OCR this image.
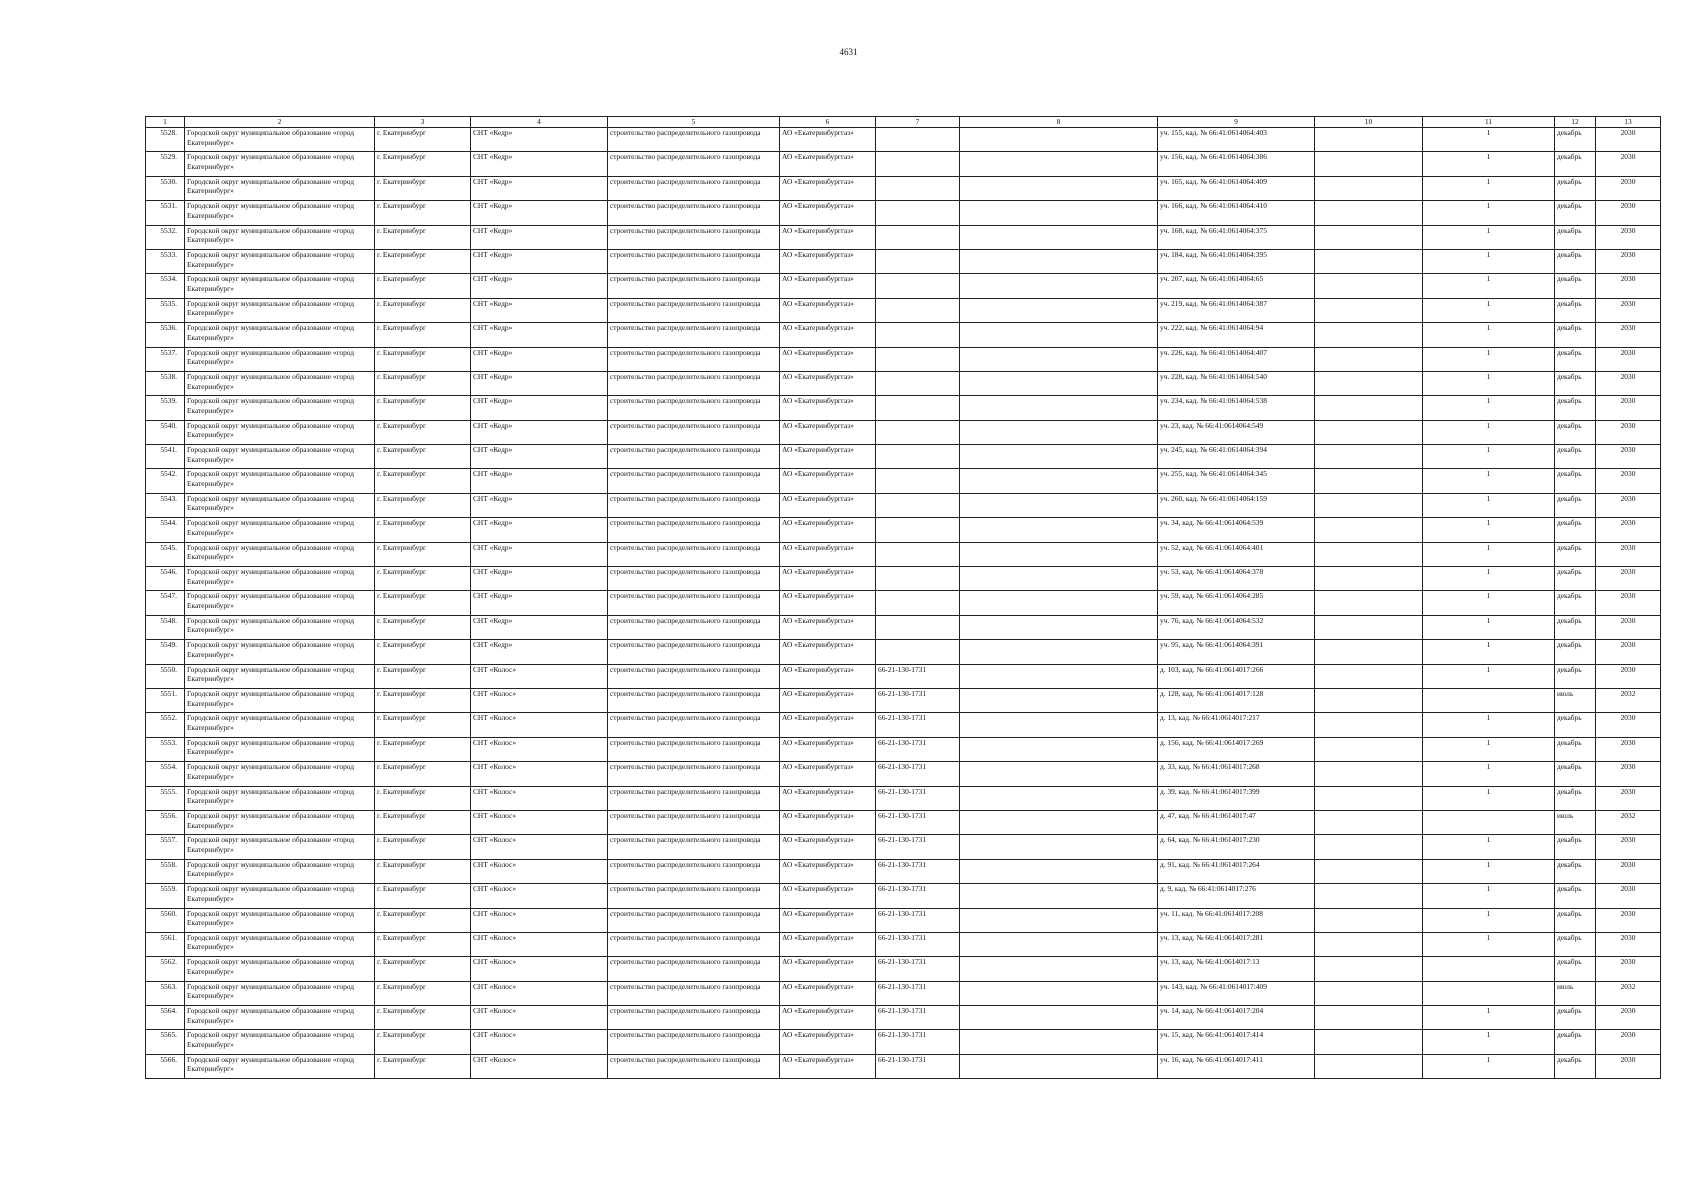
4631
1	2	3	4	5	6	7	8	9	10	11	12	13
5528.	Городской округ муниципальное образование «город Екатеринбург»	г. Екатеринбург	СНТ «Кедр»	строительство распределительного газопровода	АО «Екатеринбурггаз»			уч. 155, кад. № 66:41:0614064:403		1	декабрь	2030
5529.	Городской округ муниципальное образование «город Екатеринбург»	г. Екатеринбург	СНТ «Кедр»	строительство распределительного газопровода	АО «Екатеринбурггаз»			уч. 156, кад. № 66:41:0614064:386		1	декабрь	2030
5530.	Городской округ муниципальное образование «город Екатеринбург»	г. Екатеринбург	СНТ «Кедр»	строительство распределительного газопровода	АО «Екатеринбурггаз»			уч. 165, кад. № 66:41:0614064:409		1	декабрь	2030
5531.	Городской округ муниципальное образование «город Екатеринбург»	г. Екатеринбург	СНТ «Кедр»	строительство распределительного газопровода	АО «Екатеринбурггаз»			уч. 166, кад. № 66:41:0614064:410		1	декабрь	2030
5532.	Городской округ муниципальное образование «город Екатеринбург»	г. Екатеринбург	СНТ «Кедр»	строительство распределительного газопровода	АО «Екатеринбурггаз»			уч. 168, кад. № 66:41:0614064:375		1	декабрь	2030
5533.	Городской округ муниципальное образование «город Екатеринбург»	г. Екатеринбург	СНТ «Кедр»	строительство распределительного газопровода	АО «Екатеринбурггаз»			уч. 184, кад. № 66:41:0614064:395		1	декабрь	2030
5534.	Городской округ муниципальное образование «город Екатеринбург»	г. Екатеринбург	СНТ «Кедр»	строительство распределительного газопровода	АО «Екатеринбурггаз»			уч. 207, кад. № 66:41:0614064:65		1	декабрь	2030
5535.	Городской округ муниципальное образование «город Екатеринбург»	г. Екатеринбург	СНТ «Кедр»	строительство распределительного газопровода	АО «Екатеринбурггаз»			уч. 219, кад. № 66:41:0614064:387		1	декабрь	2030
5536.	Городской округ муниципальное образование «город Екатеринбург»	г. Екатеринбург	СНТ «Кедр»	строительство распределительного газопровода	АО «Екатеринбурггаз»			уч. 222, кад. № 66:41:0614064:94		1	декабрь	2030
5537.	Городской округ муниципальное образование «город Екатеринбург»	г. Екатеринбург	СНТ «Кедр»	строительство распределительного газопровода	АО «Екатеринбурггаз»			уч. 226, кад. № 66:41:0614064:407		1	декабрь	2030
5538.	Городской округ муниципальное образование «город Екатеринбург»	г. Екатеринбург	СНТ «Кедр»	строительство распределительного газопровода	АО «Екатеринбурггаз»			уч. 228, кад. № 66:41:0614064:540		1	декабрь	2030
5539.	Городской округ муниципальное образование «город Екатеринбург»	г. Екатеринбург	СНТ «Кедр»	строительство распределительного газопровода	АО «Екатеринбурггаз»			уч. 234, кад. № 66:41:0614064:538		1	декабрь	2030
5540.	Городской округ муниципальное образование «город Екатеринбург»	г. Екатеринбург	СНТ «Кедр»	строительство распределительного газопровода	АО «Екатеринбурггаз»			уч. 23, кад. № 66:41:0614064:549		1	декабрь	2030
5541.	Городской округ муниципальное образование «город Екатеринбург»	г. Екатеринбург	СНТ «Кедр»	строительство распределительного газопровода	АО «Екатеринбурггаз»			уч. 245, кад. № 66:41:0614064:394		1	декабрь	2030
5542.	Городской округ муниципальное образование «город Екатеринбург»	г. Екатеринбург	СНТ «Кедр»	строительство распределительного газопровода	АО «Екатеринбурггаз»			уч. 255, кад. № 66:41:0614064:345		1	декабрь	2030
5543.	Городской округ муниципальное образование «город Екатеринбург»	г. Екатеринбург	СНТ «Кедр»	строительство распределительного газопровода	АО «Екатеринбурггаз»			уч. 260, кад. № 66:41:0614064:159		1	декабрь	2030
5544.	Городской округ муниципальное образование «город Екатеринбург»	г. Екатеринбург	СНТ «Кедр»	строительство распределительного газопровода	АО «Екатеринбурггаз»			уч. 34, кад. № 66:41:0614064:539		1	декабрь	2030
5545.	Городской округ муниципальное образование «город Екатеринбург»	г. Екатеринбург	СНТ «Кедр»	строительство распределительного газопровода	АО «Екатеринбурггаз»			уч. 52, кад. № 66:41:0614064:401		1	декабрь	2030
5546.	Городской округ муниципальное образование «город Екатеринбург»	г. Екатеринбург	СНТ «Кедр»	строительство распределительного газопровода	АО «Екатеринбурггаз»			уч. 53, кад. № 66:41:0614064:378		1	декабрь	2030
5547.	Городской округ муниципальное образование «город Екатеринбург»	г. Екатеринбург	СНТ «Кедр»	строительство распределительного газопровода	АО «Екатеринбурггаз»			уч. 59, кад. № 66:41:0614064:285		1	декабрь	2030
5548.	Городской округ муниципальное образование «город Екатеринбург»	г. Екатеринбург	СНТ «Кедр»	строительство распределительного газопровода	АО «Екатеринбурггаз»			уч. 76, кад. № 66:41:0614064:532		1	декабрь	2030
5549.	Городской округ муниципальное образование «город Екатеринбург»	г. Екатеринбург	СНТ «Кедр»	строительство распределительного газопровода	АО «Екатеринбурггаз»			уч. 95, кад. № 66:41:0614064:391		1	декабрь	2030
5550.	Городской округ муниципальное образование «город Екатеринбург»	г. Екатеринбург	СНТ «Колос»	строительство распределительного газопровода	АО «Екатеринбурггаз»	66-21-130-1731		д. 103, кад. № 66:41:0614017:266		1	декабрь	2030
5551.	Городской округ муниципальное образование «город Екатеринбург»	г. Екатеринбург	СНТ «Колос»	строительство распределительного газопровода	АО «Екатеринбурггаз»	66-21-130-1731		д. 128, кад. № 66:41:0614017:128			июль	2032
5552.	Городской округ муниципальное образование «город Екатеринбург»	г. Екатеринбург	СНТ «Колос»	строительство распределительного газопровода	АО «Екатеринбурггаз»	66-21-130-1731		д. 13, кад. № 66:41:0614017:217		1	декабрь	2030
5553.	Городской округ муниципальное образование «город Екатеринбург»	г. Екатеринбург	СНТ «Колос»	строительство распределительного газопровода	АО «Екатеринбурггаз»	66-21-130-1731		д. 156, кад. № 66:41:0614017:269		1	декабрь	2030
5554.	Городской округ муниципальное образование «город Екатеринбург»	г. Екатеринбург	СНТ «Колос»	строительство распределительного газопровода	АО «Екатеринбурггаз»	66-21-130-1731		д. 33, кад. № 66:41:0614017:268		1	декабрь	2030
5555.	Городской округ муниципальное образование «город Екатеринбург»	г. Екатеринбург	СНТ «Колос»	строительство распределительного газопровода	АО «Екатеринбурггаз»	66-21-130-1731		д. 39, кад. № 66:41:0614017:399		1	декабрь	2030
5556.	Городской округ муниципальное образование «город Екатеринбург»	г. Екатеринбург	СНТ «Колос»	строительство распределительного газопровода	АО «Екатеринбурггаз»	66-21-130-1731		д. 47, кад. № 66:41:0614017:47			июль	2032
5557.	Городской округ муниципальное образование «город Екатеринбург»	г. Екатеринбург	СНТ «Колос»	строительство распределительного газопровода	АО «Екатеринбурггаз»	66-21-130-1731		д. 64, кад. № 66:41:0614017:230		1	декабрь	2030
5558.	Городской округ муниципальное образование «город Екатеринбург»	г. Екатеринбург	СНТ «Колос»	строительство распределительного газопровода	АО «Екатеринбурггаз»	66-21-130-1731		д. 91, кад. № 66:41:0614017:264		1	декабрь	2030
5559.	Городской округ муниципальное образование «город Екатеринбург»	г. Екатеринбург	СНТ «Колос»	строительство распределительного газопровода	АО «Екатеринбурггаз»	66-21-130-1731		д. 9, кад. № 66:41:0614017:276		1	декабрь	2030
5560.	Городской округ муниципальное образование «город Екатеринбург»	г. Екатеринбург	СНТ «Колос»	строительство распределительного газопровода	АО «Екатеринбурггаз»	66-21-130-1731		уч. 11, кад. № 66:41:0614017:208		1	декабрь	2030
5561.	Городской округ муниципальное образование «город Екатеринбург»	г. Екатеринбург	СНТ «Колос»	строительство распределительного газопровода	АО «Екатеринбурггаз»	66-21-130-1731		уч. 13, кад. № 66:41:0614017:281		1	декабрь	2030
5562.	Городской округ муниципальное образование «город Екатеринбург»	г. Екатеринбург	СНТ «Колос»	строительство распределительного газопровода	АО «Екатеринбурггаз»	66-21-130-1731		уч. 13, кад. № 66:41:0614017:13			декабрь	2030
5563.	Городской округ муниципальное образование «город Екатеринбург»	г. Екатеринбург	СНТ «Колос»	строительство распределительного газопровода	АО «Екатеринбурггаз»	66-21-130-1731		уч. 143, кад. № 66:41:0614017:409			июль	2032
5564.	Городской округ муниципальное образование «город Екатеринбург»	г. Екатеринбург	СНТ «Колос»	строительство распределительного газопровода	АО «Екатеринбурггаз»	66-21-130-1731		уч. 14, кад. № 66:41:0614017:204		1	декабрь	2030
5565.	Городской округ муниципальное образование «город Екатеринбург»	г. Екатеринбург	СНТ «Колос»	строительство распределительного газопровода	АО «Екатеринбурггаз»	66-21-130-1731		уч. 15, кад. № 66:41:0614017:414		1	декабрь	2030
5566.	Городской округ муниципальное образование «город Екатеринбург»	г. Екатеринбург	СНТ «Колос»	строительство распределительного газопровода	АО «Екатеринбурггаз»	66-21-130-1731		уч. 16, кад. № 66:41:0614017:411		1	декабрь	2030
